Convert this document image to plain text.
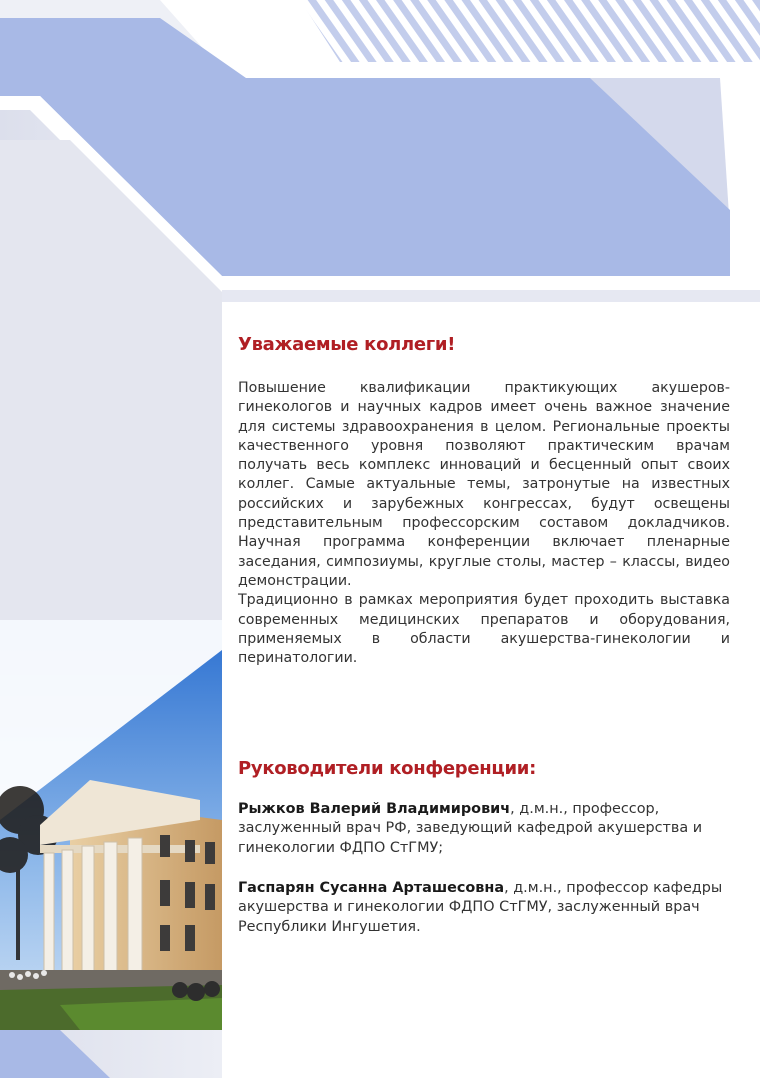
Уважаемые коллеги!

Повышение квалификации практикующих акушеров-гинекологов и научных кадров имеет очень важное значение для системы здравоохранения в целом. Региональные проекты качественного уровня позволяют практическим врачам получать весь комплекс инноваций и бесценный опыт своих коллег. Самые актуальные темы, затронутые на известных российских и зарубежных конгрессах, будут освещены представительным профессорским составом докладчиков. Научная программа конференции включает пленарные заседания, симпозиумы, круглые столы, мастер – классы, видео демонстрации.

Традиционно в рамках мероприятия будет проходить выставка современных медицинских препаратов и оборудования, применяемых в области акушерства-гинекологии и перинатологии.

Руководители конференции:
Рыжков Валерий Владимирович, д.м.н., профессор, заслуженный врач РФ, заведующий кафедрой акушерства и гинекологии ФДПО СтГМУ;
Гаспарян Сусанна Арташесовна, д.м.н., профессор кафедры акушерства и гинекологии ФДПО СтГМУ, заслуженный врач Республики Ингушетия.
